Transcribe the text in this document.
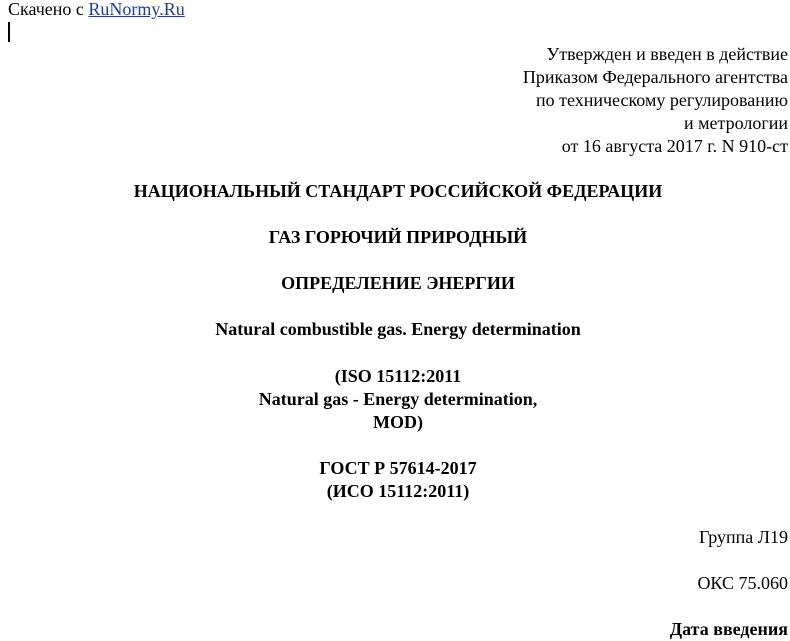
Скачено с RuNormy.Ru
Утвержден и введен в действие
Приказом Федерального агентства
по техническому регулированию
и метрологии
от 16 августа 2017 г. N 910-ст
НАЦИОНАЛЬНЫЙ СТАНДАРТ РОССИЙСКОЙ ФЕДЕРАЦИИ
ГАЗ ГОРЮЧИЙ ПРИРОДНЫЙ
ОПРЕДЕЛЕНИЕ ЭНЕРГИИ
Natural combustible gas. Energy determination
(ISO 15112:2011
Natural gas - Energy determination,
MOD)
ГОСТ Р 57614-2017
(ИСО 15112:2011)
Группа Л19
ОКС 75.060
Дата введения
